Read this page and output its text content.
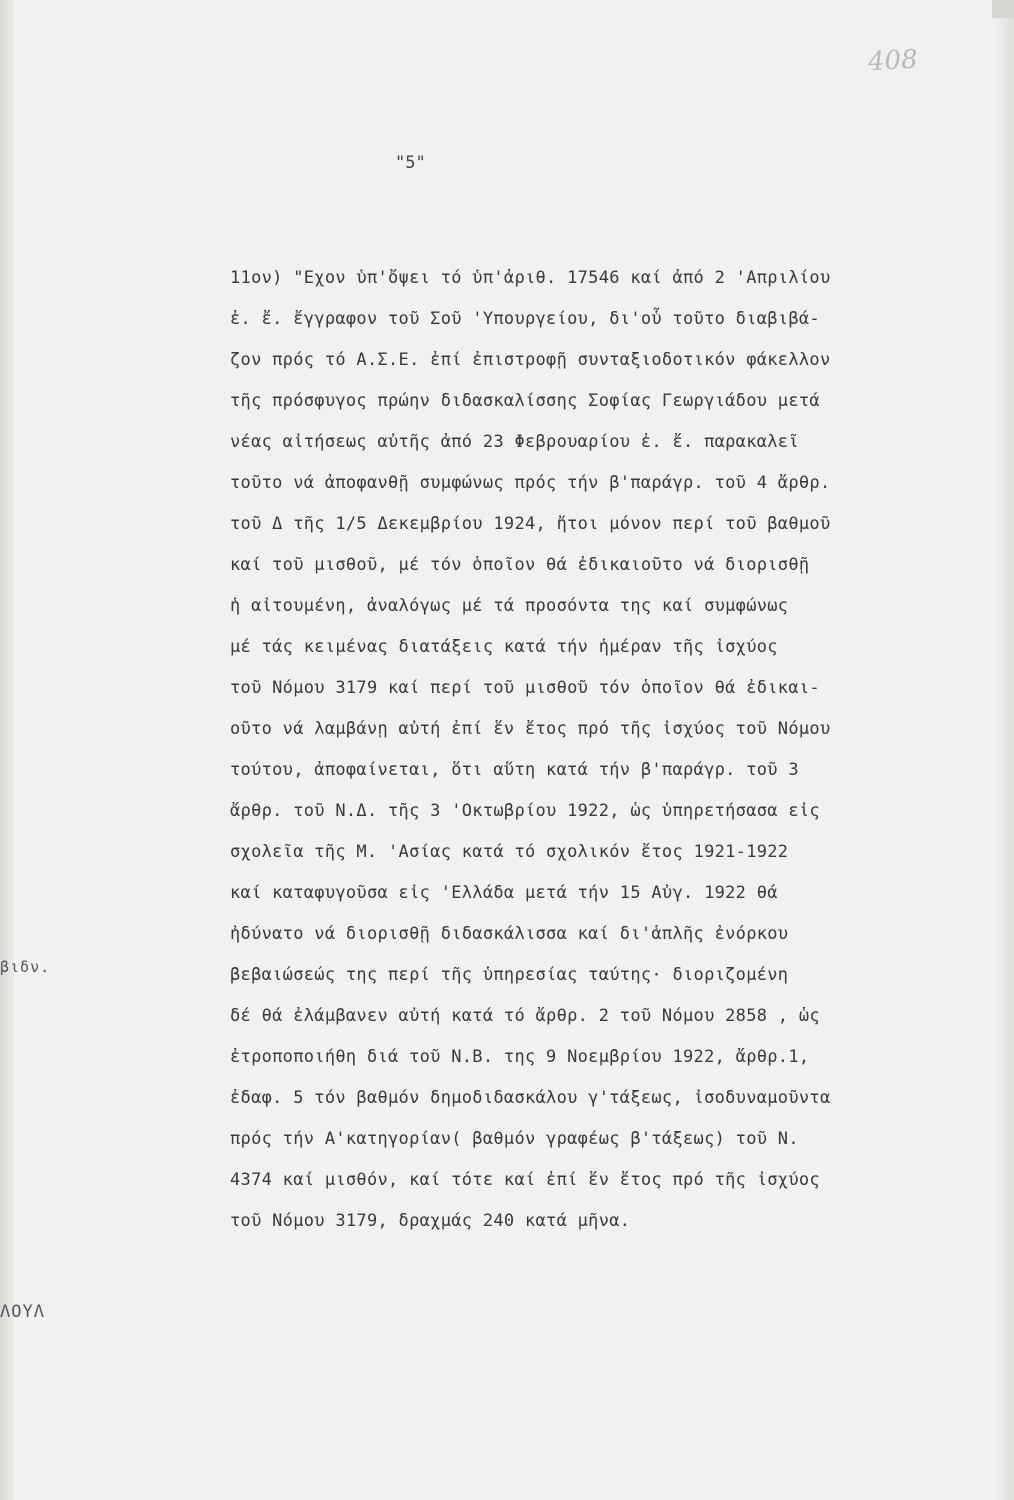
βιδν.
ΛΟΥΛ
408
"5"
11ον) "Εχον ὑπ'ὄψει τό ὑπ'ἀριθ. 17546 καί ἀπό 2 'Απριλίου
ἐ. ἔ. ἔγγραφον τοῦ Σοῦ 'Υπουργείου, δι'οὗ τοῦτο διαβιβά-
ζον πρός τό Α.Σ.Ε. ἐπί ἐπιστροφῇ συνταξιοδοτικόν φάκελλον
τῆς πρόσφυγος πρώην διδασκαλίσσης Σοφίας Γεωργιάδου μετά
νέας αἰτήσεως αὐτῆς ἀπό 23 Φεβρουαρίου ἐ. ἔ. παρακαλεῖ
τοῦτο νά ἀποφανθῇ συμφώνως πρός τήν β'παράγρ. τοῦ 4 ἄρθρ.
τοῦ Δ τῆς 1/5 Δεκεμβρίου 1924, ἤτοι μόνον περί τοῦ βαθμοῦ
καί τοῦ μισθοῦ, μέ τόν ὁποῖον θά ἐδικαιοῦτο νά διορισθῇ
ἡ αἰτουμένη, ἀναλόγως μέ τά προσόντα της καί συμφώνως
μέ τάς κειμένας διατάξεις κατά τήν ἡμέραν τῆς ἰσχύος
τοῦ Νόμου 3179 καί περί τοῦ μισθοῦ τόν ὁποῖον θά ἐδικαι-
οῦτο νά λαμβάνῃ αὐτή ἐπί ἕν ἔτος πρό τῆς ἰσχύος τοῦ Νόμου
τούτου, ἀποφαίνεται, ὅτι αὕτη κατά τήν β'παράγρ. τοῦ 3
ἄρθρ. τοῦ Ν.Δ. τῆς 3 'Οκτωβρίου 1922, ὡς ὑπηρετήσασα εἰς
σχολεῖα τῆς Μ. 'Ασίας κατά τό σχολικόν ἔτος 1921-1922
καί καταφυγοῦσα εἰς 'Ελλάδα μετά τήν 15 Αὐγ. 1922 θά
ἠδύνατο νά διορισθῇ διδασκάλισσα καί δι'ἁπλῆς ἐνόρκου
βεβαιώσεώς της περί τῆς ὑπηρεσίας ταύτης· διοριζομένη
δέ θά ἐλάμβανεν αὐτή κατά τό ἄρθρ. 2 τοῦ Νόμου 2858 , ὡς
ἐτροποποιήθη διά τοῦ Ν.Β. της 9 Νοεμβρίου 1922, ἄρθρ.1,
ἐδαφ. 5 τόν βαθμόν δημοδιδασκάλου γ'τάξεως, ἰσοδυναμοῦντα
πρός τήν Α'κατηγορίαν( βαθμόν γραφέως β'τάξεως) τοῦ Ν.
4374 καί μισθόν, καί τότε καί ἐπί ἕν ἔτος πρό τῆς ἰσχύος
τοῦ Νόμου 3179, δραχμάς 240 κατά μῆνα.
